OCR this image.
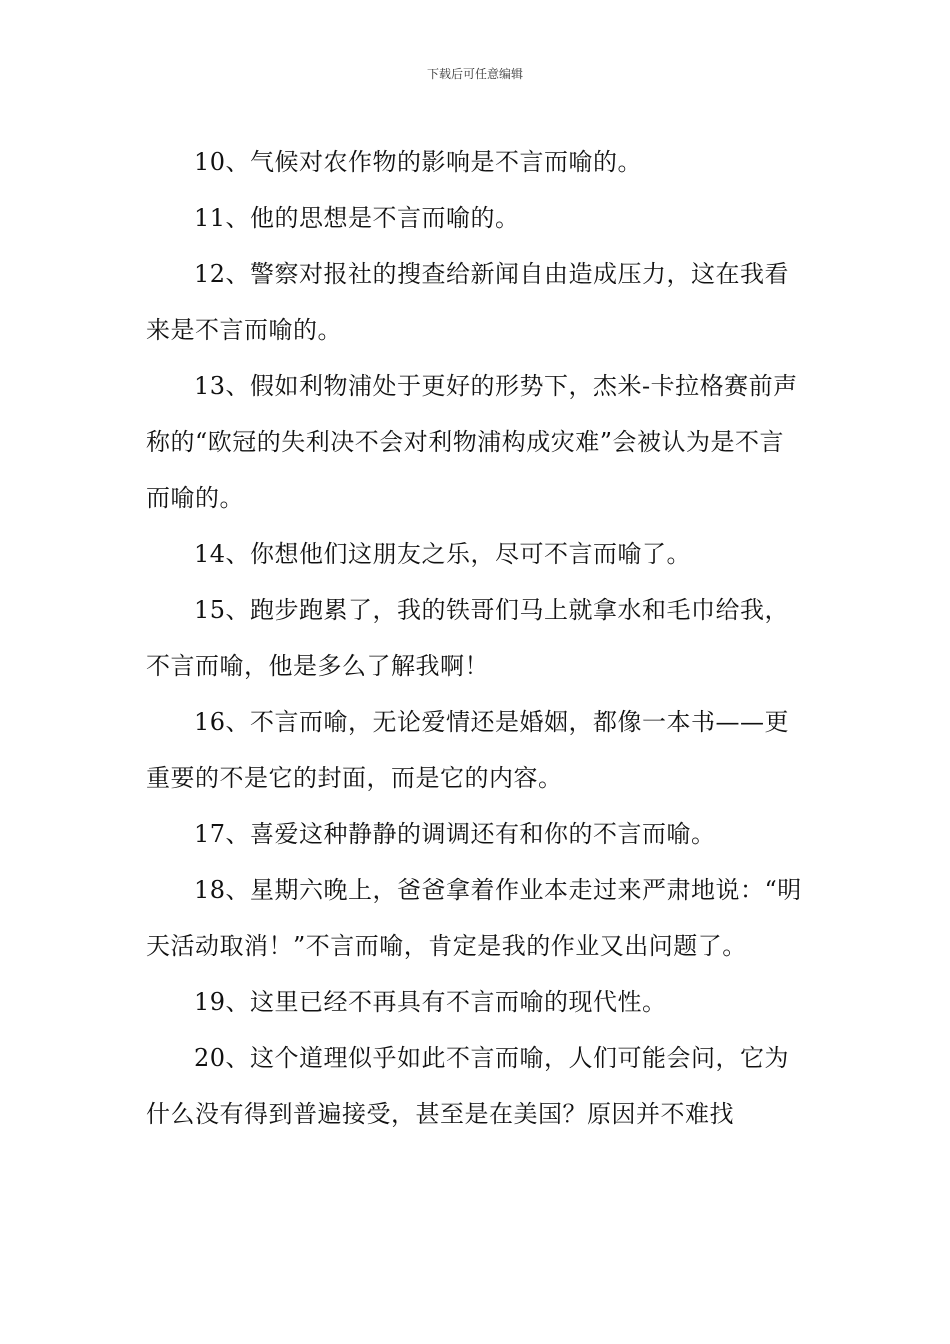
下载后可任意编辑

10、气候对农作物的影响是不言而喻的。

11、他的思想是不言而喻的。

12、警察对报社的搜查给新闻自由造成压力，这在我看来是不言而喻的。

13、假如利物浦处于更好的形势下，杰米-卡拉格赛前声称的“欧冠的失利决不会对利物浦构成灾难”会被认为是不言而喻的。

14、你想他们这朋友之乐，尽可不言而喻了。

15、跑步跑累了，我的铁哥们马上就拿水和毛巾给我，不言而喻，他是多么了解我啊！

16、不言而喻，无论爱情还是婚姻，都像一本书——更重要的不是它的封面，而是它的内容。

17、喜爱这种静静的调调还有和你的不言而喻。

18、星期六晚上，爸爸拿着作业本走过来严肃地说：“明天活动取消！”不言而喻，肯定是我的作业又出问题了。

19、这里已经不再具有不言而喻的现代性。

20、这个道理似乎如此不言而喻，人们可能会问，它为什么没有得到普遍接受，甚至是在美国？原因并不难找
